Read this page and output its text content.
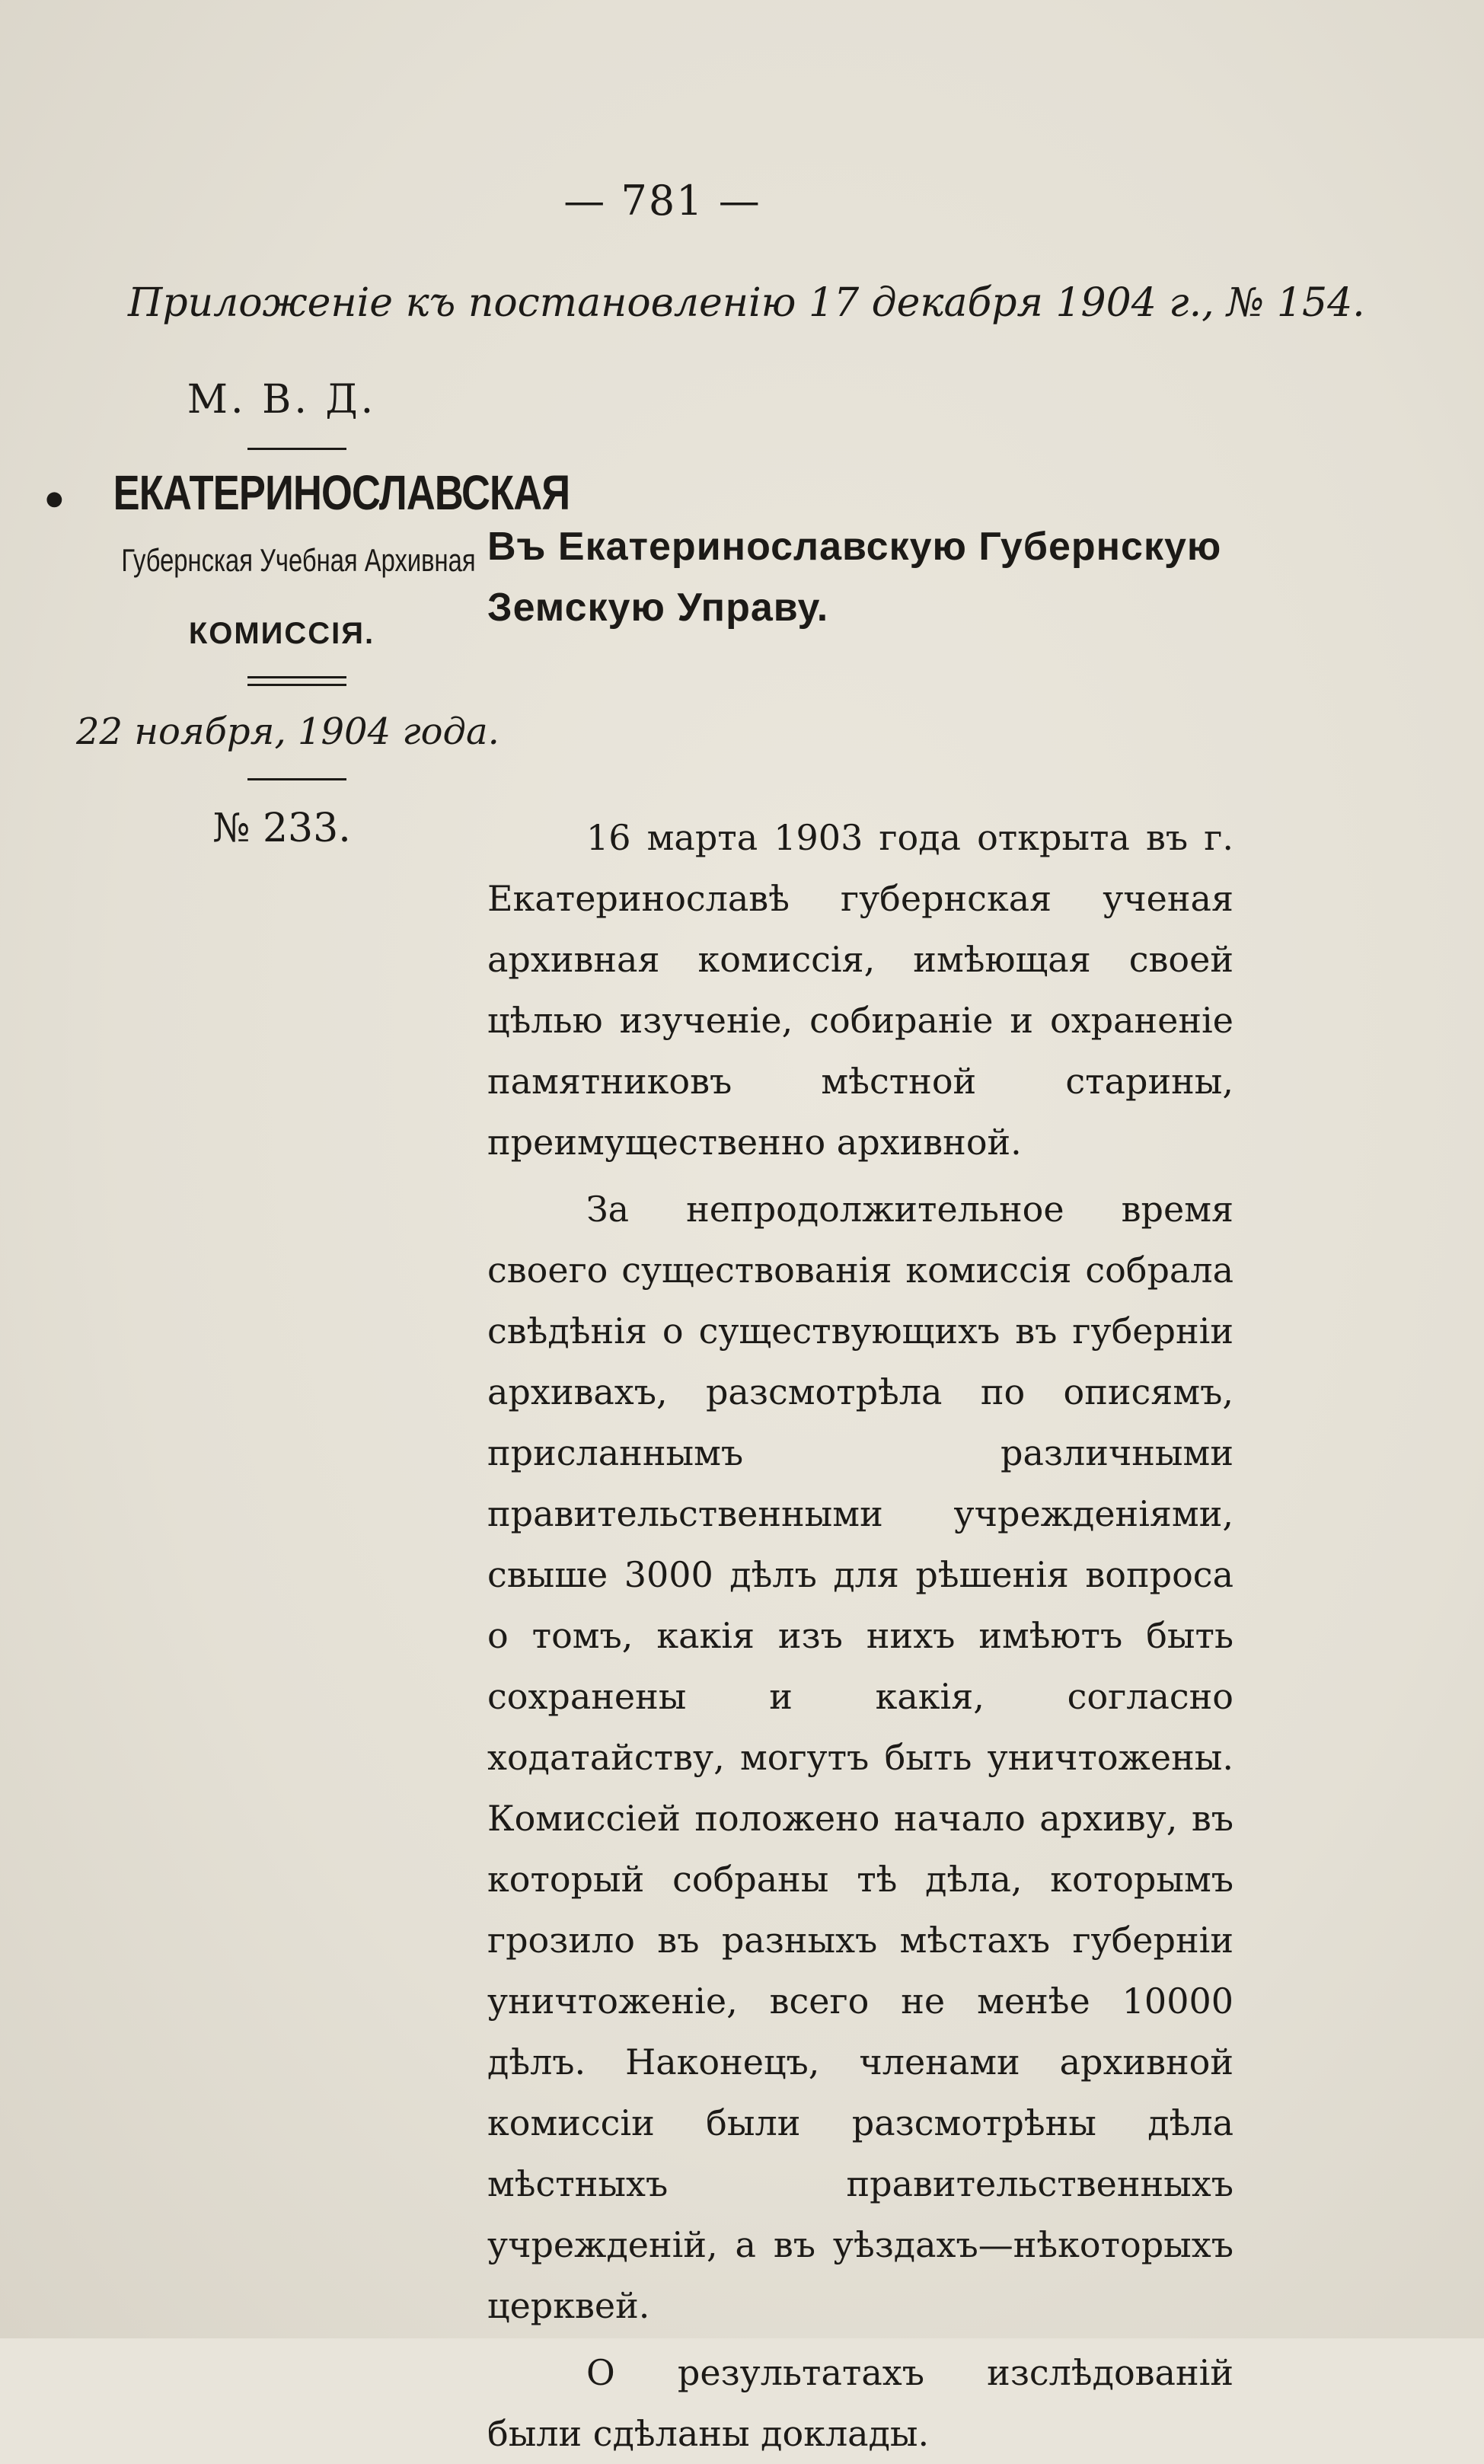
— 781 —
Приложеніе къ постановленію 17 декабря 1904 г., № 154.
М. В. Д.
● ЕКАТЕРИНОСЛАВСКАЯ
Губернская Учебная Архивная
КОМИССІЯ.
22 ноября, 1904 года.
№ 233.
Въ Екатеринославскую Губернскую
Земскую Управу.

16 марта 1903 года открыта въ г. Екатеринославѣ губернская ученая архивная комиссія, имѣющая своей цѣлью изученіе, собираніе и охраненіе памятниковъ мѣстной старины, преимущественно архивной.

За непродолжительное время своего существованія комиссія собрала свѣдѣнія о существующихъ въ губерніи архивахъ, разсмотрѣла по описямъ, присланнымъ различными правительственными учрежденіями, свыше 3000 дѣлъ для рѣшенія вопроса о томъ, какія изъ нихъ имѣютъ быть сохранены и какія, согласно ходатайству, могутъ быть уничтожены. Комиссіей положено начало архиву, въ который собраны тѣ дѣла, которымъ грозило въ разныхъ мѣстахъ губерніи уничтоженіе, всего не менѣе 10000 дѣлъ. Наконецъ, членами архивной комиссіи были разсмотрѣны дѣла мѣстныхъ правительственныхъ учрежденій, а въ уѣздахъ—нѣкоторыхъ церквей.

О результатахъ изслѣдованій были сдѣланы доклады.
